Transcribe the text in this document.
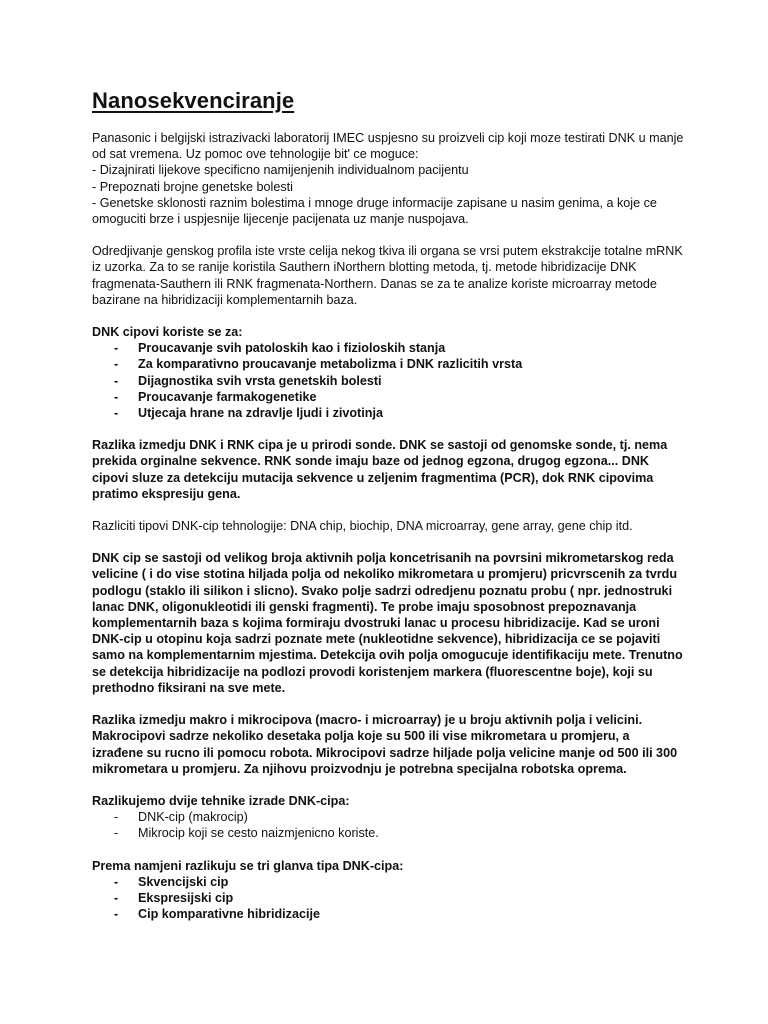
Nanosekvenciranje

Panasonic i belgijski istrazivacki laboratorij IMEC uspjesno su proizveli cip koji moze testirati DNK u manje od sat vremena. Uz pomoc ove tehnologije bit' ce moguce:
- Dizajnirati lijekove specificno namijenjenih individualnom pacijentu
- Prepoznati brojne genetske bolesti
- Genetske sklonosti raznim bolestima i mnoge druge informacije zapisane u nasim genima, a koje ce omoguciti brze i uspjesnije lijecenje pacijenata uz manje nuspojava.

Odredjivanje genskog profila iste vrste celija nekog tkiva ili organa se vrsi putem ekstrakcije totalne mRNK iz uzorka. Za to se ranije koristila Sauthern iNorthern blotting metoda, tj. metode hibridizacije DNK fragmenata-Sauthern ili RNK fragmenata-Northern. Danas se za te analize koriste microarray metode bazirane na hibridizaciji komplementarnih baza.

DNK cipovi koriste se za:

- Proucavanje svih patoloskih kao i fizioloskih stanja
- Za komparativno proucavanje metabolizma i DNK razlicitih vrsta
- Dijagnostika svih vrsta genetskih bolesti
- Proucavanje farmakogenetike
- Utjecaja hrane na zdravlje ljudi i zivotinja

Razlika izmedju DNK i RNK cipa je u prirodi sonde. DNK se sastoji od genomske sonde, tj. nema prekida orginalne sekvence. RNK sonde imaju baze od jednog egzona, drugog egzona... DNK cipovi sluze za detekciju mutacija sekvence u zeljenim fragmentima (PCR), dok RNK cipovima pratimo ekspresiju gena.

Razliciti tipovi DNK-cip tehnologije: DNA chip, biochip, DNA microarray, gene array, gene chip itd.

DNK cip se sastoji od velikog broja aktivnih polja koncetrisanih na povrsini mikrometarskog reda velicine ( i do vise stotina hiljada polja od nekoliko mikrometara u promjeru) pricvrscenih za tvrdu podlogu (staklo ili silikon i slicno). Svako polje sadrzi odredjenu poznatu probu ( npr. jednostruki lanac DNK, oligonukleotidi ili genski fragmenti). Te probe imaju sposobnost prepoznavanja komplementarnih baza s kojima formiraju dvostruki lanac u procesu hibridizacije. Kad se uroni DNK-cip u otopinu koja sadrzi poznate mete (nukleotidne sekvence), hibridizacija ce se pojaviti samo na komplementarnim mjestima. Detekcija ovih polja omogucuje identifikaciju mete. Trenutno se detekcija hibridizacije na podlozi provodi koristenjem markera (fluorescentne boje), koji su prethodno fiksirani na sve mete.

Razlika izmedju makro i mikrocipova (macro- i microarray) je u broju aktivnih polja i velicini. Makrocipovi sadrze nekoliko desetaka polja koje su 500 ili vise mikrometara u promjeru, a izrađene su rucno ili pomocu robota. Mikrocipovi sadrze hiljade polja velicine manje od 500 ili 300 mikrometara u promjeru. Za njihovu proizvodnju je potrebna specijalna robotska oprema.

Razlikujemo dvije tehnike izrade DNK-cipa:

- DNK-cip (makrocip)
- Mikrocip koji se cesto naizmjenicno koriste.

Prema namjeni razlikuju se tri glanva tipa DNK-cipa:

- Skvencijski cip
- Ekspresijski cip
- Cip komparativne hibridizacije
